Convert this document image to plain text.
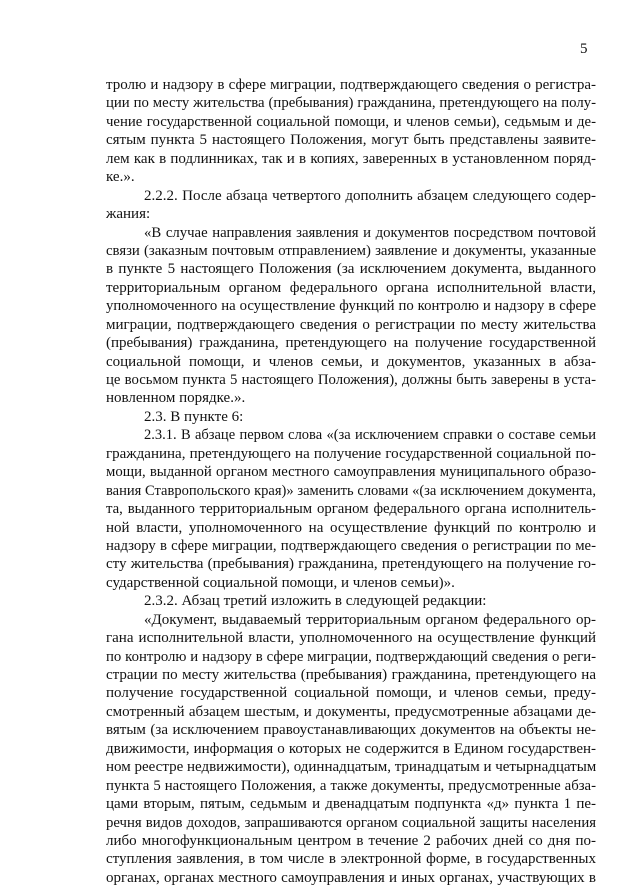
5
тролю и надзору в сфере миграции, подтверждающего сведения о регистра-
ции по месту жительства (пребывания) гражданина, претендующего на полу-
чение государственной социальной помощи, и членов семьи), седьмым и де-
сятым пункта 5 настоящего Положения, могут быть представлены заявите-
лем как в подлинниках, так и в копиях, заверенных в установленном поряд-
ке.».
2.2.2. После абзаца четвертого дополнить абзацем следующего содер-
жания:
«В случае направления заявления и документов посредством почтовой
связи (заказным почтовым отправлением) заявление и документы, указанные
в пункте 5 настоящего Положения (за исключением документа, выданного
территориальным органом федерального органа исполнительной власти,
уполномоченного на осуществление функций по контролю и надзору в сфере
миграции, подтверждающего сведения о регистрации по месту жительства
(пребывания) гражданина, претендующего на получение государственной
социальной помощи, и членов семьи, и документов, указанных в абза-
це восьмом пункта 5 настоящего Положения), должны быть заверены в уста-
новленном порядке.».
2.3. В пункте 6:
2.3.1. В абзаце первом слова «(за исключением справки о составе семьи
гражданина, претендующего на получение государственной социальной по-
мощи, выданной органом местного самоуправления муниципального образо-
вания Ставропольского края)» заменить словами «(за исключением документа,
та, выданного территориальным органом федерального органа исполнитель-
ной власти, уполномоченного на осуществление функций по контролю и
надзору в сфере миграции, подтверждающего сведения о регистрации по ме-
сту жительства (пребывания) гражданина, претендующего на получение го-
сударственной социальной помощи, и членов семьи)».
2.3.2. Абзац третий изложить в следующей редакции:
«Документ, выдаваемый территориальным органом федерального ор-
гана исполнительной власти, уполномоченного на осуществление функций
по контролю и надзору в сфере миграции, подтверждающий сведения о реги-
страции по месту жительства (пребывания) гражданина, претендующего на
получение государственной социальной помощи, и членов семьи, преду-
смотренный абзацем шестым, и документы, предусмотренные абзацами де-
вятым (за исключением правоустанавливающих документов на объекты не-
движимости, информация о которых не содержится в Едином государствен-
ном реестре недвижимости), одиннадцатым, тринадцатым и четырнадцатым
пункта 5 настоящего Положения, а также документы, предусмотренные абза-
цами вторым, пятым, седьмым и двенадцатым подпункта «д» пункта 1 пе-
речня видов доходов, запрашиваются органом социальной защиты населения
либо многофункциональным центром в течение 2 рабочих дней со дня по-
ступления заявления, в том числе в электронной форме, в государственных
органах, органах местного самоуправления и иных органах, участвующих в
